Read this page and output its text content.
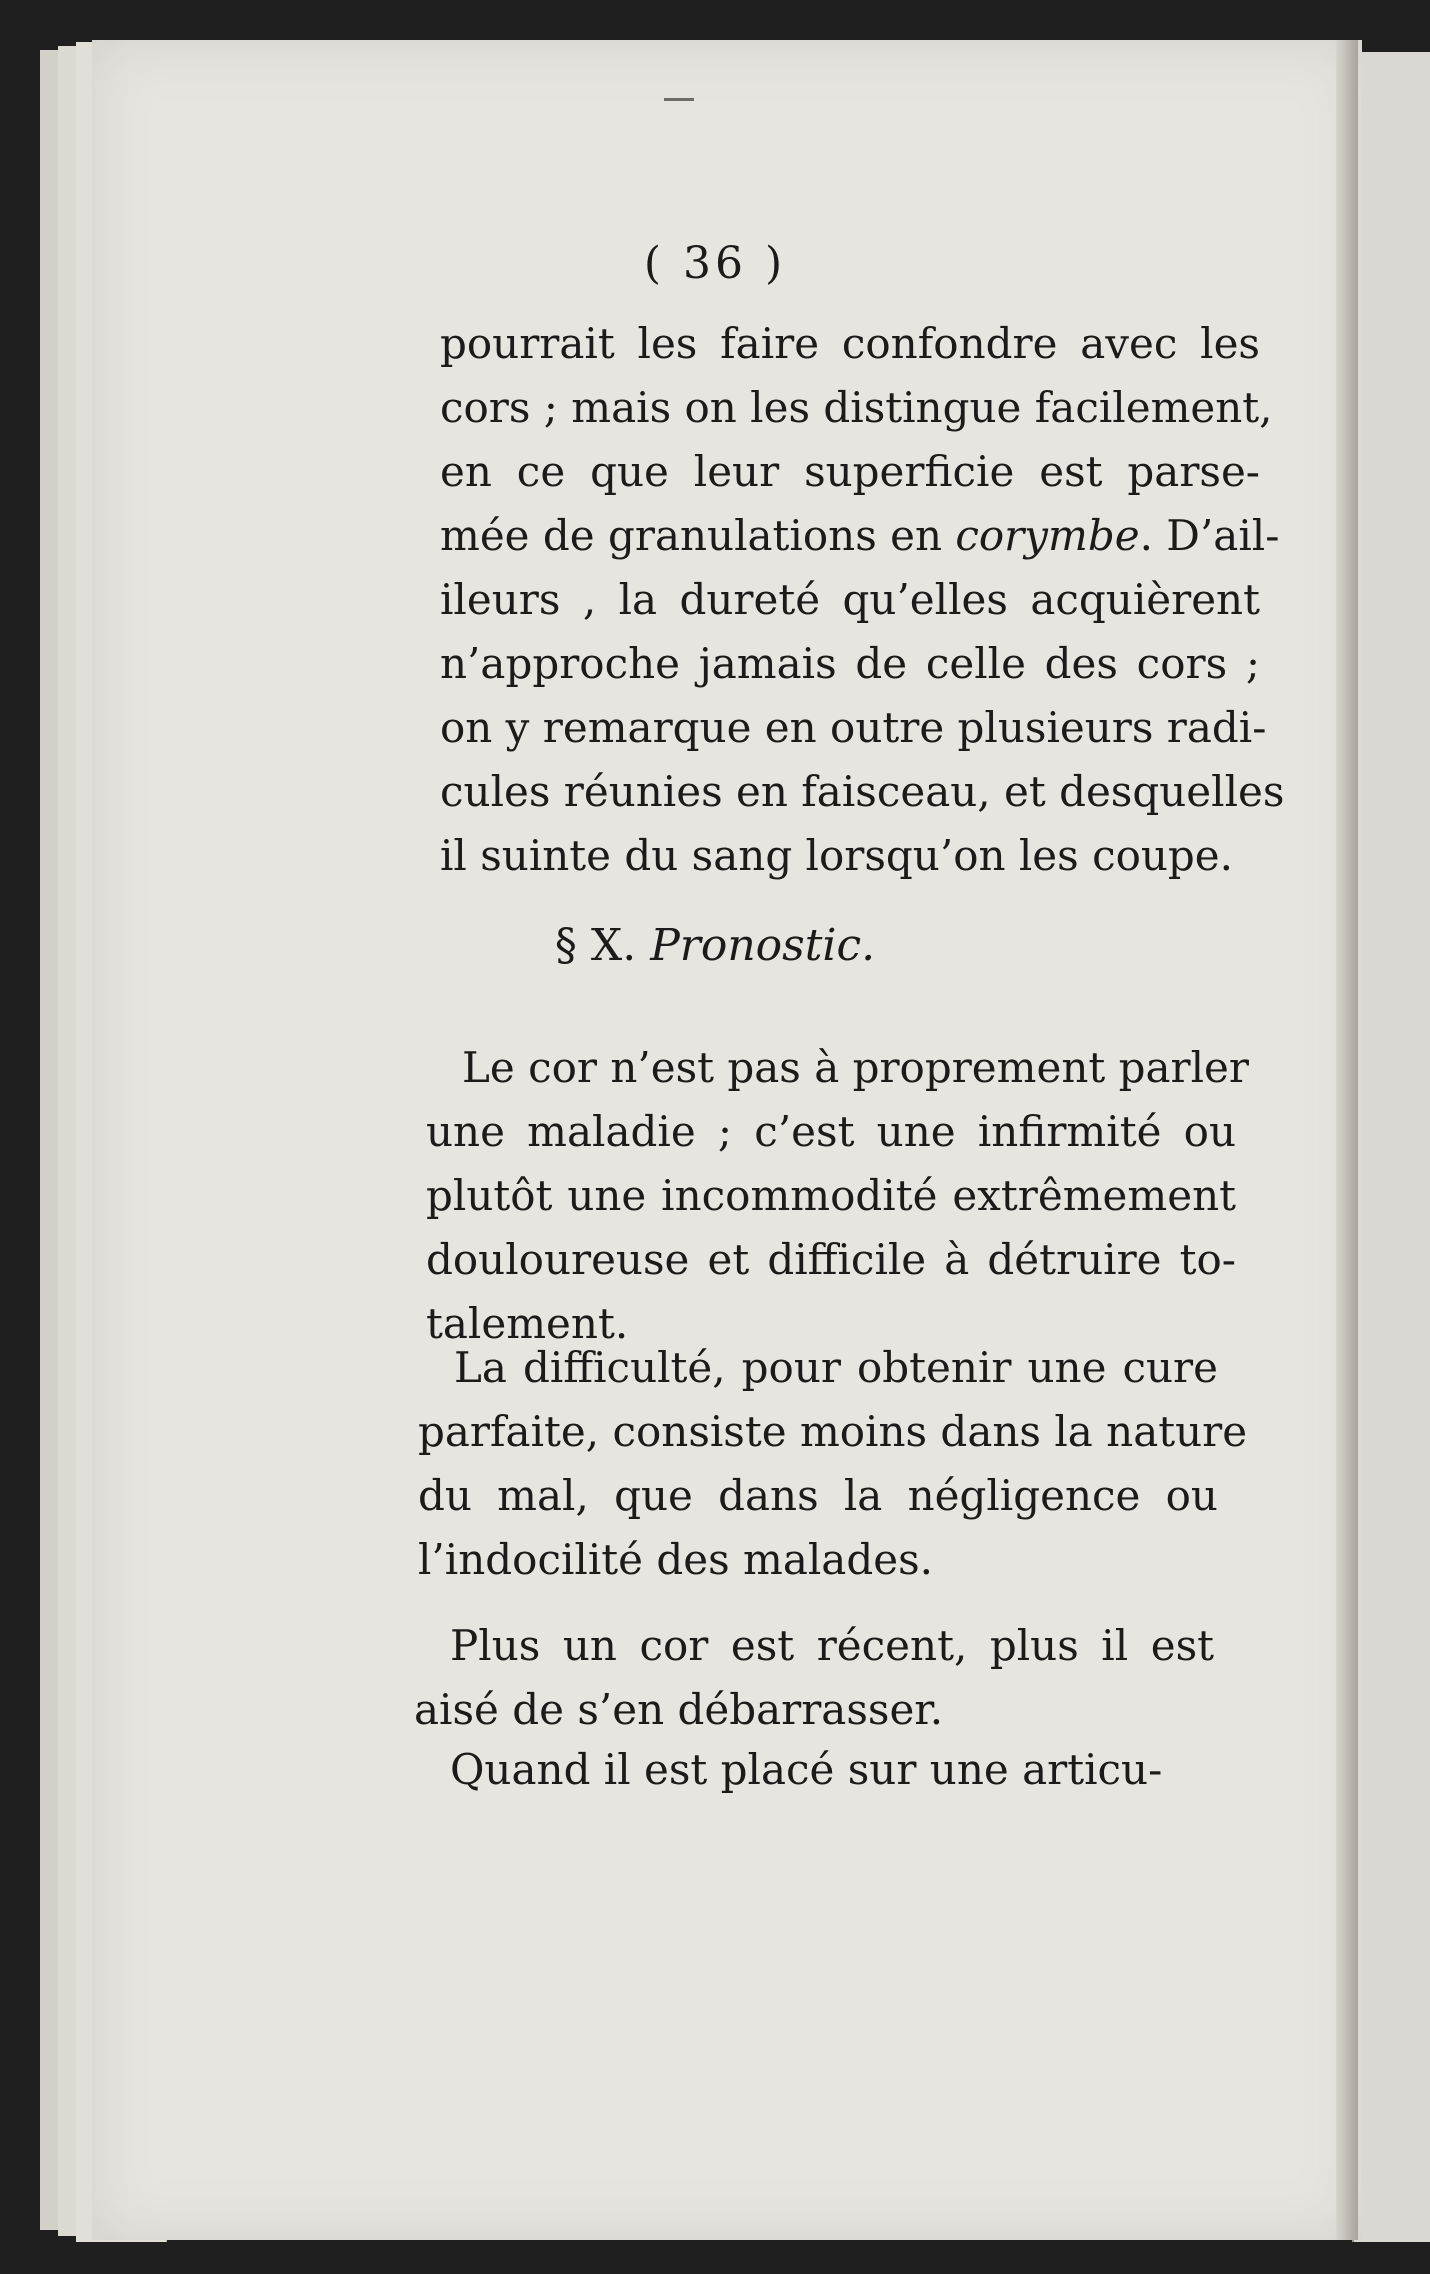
( 36 )
pourrait les faire confondre avec les
cors ; mais on les distingue facilement,
en ce que leur superficie est parse-
mée de granulations en corymbe. D’ail-
ileurs , la dureté qu’elles acquièrent
n’approche jamais de celle des cors ;
on y remarque en outre plusieurs radi-
cules réunies en faisceau, et desquelles
il suinte du sang lorsqu’on les coupe.
§ X. Pronostic.
Le cor n’est pas à proprement parler
une maladie ; c’est une infirmité ou
plutôt une incommodité extrêmement
douloureuse et difficile à détruire to-
talement.
La difficulté, pour obtenir une cure
parfaite, consiste moins dans la nature
du mal, que dans la négligence ou
l’indocilité des malades.
Plus un cor est récent, plus il est
aisé de s’en débarrasser.
Quand il est placé sur une articu-
